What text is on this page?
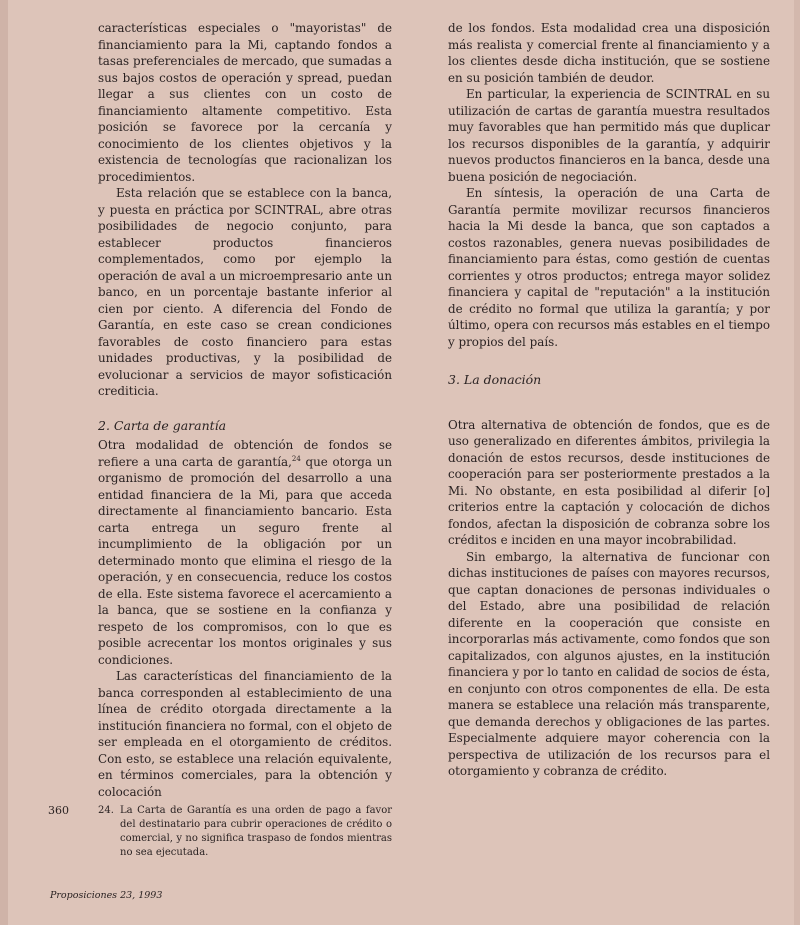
características especiales o "mayoristas" de financiamiento para la Mi, captando fondos a tasas preferenciales de mercado, que sumadas a sus bajos costos de operación y spread, puedan llegar a sus clientes con un costo de financiamiento altamente competitivo. Esta posición se favorece por la cercanía y conocimiento de los clientes objetivos y la existencia de tecnologías que racionalizan los procedimientos.

Esta relación que se establece con la banca, y puesta en práctica por SCINTRAL, abre otras posibilidades de negocio conjunto, para establecer productos financieros complementados, como por ejemplo la operación de aval a un microempresario ante un banco, en un porcentaje bastante inferior al cien por ciento. A diferencia del Fondo de Garantía, en este caso se crean condiciones favorables de costo financiero para estas unidades productivas, y la posibilidad de evolucionar a servicios de mayor sofisticación crediticia.

2. Carta de garantía

Otra modalidad de obtención de fondos se refiere a una carta de garantía,$^{24}$ que otorga un organismo de promoción del desarrollo a una entidad financiera de la Mi, para que acceda directamente al financiamiento bancario. Esta carta entrega un seguro frente al incumplimiento de la obligación por un determinado monto que elimina el riesgo de la operación, y en consecuencia, reduce los costos de ella. Este sistema favorece el acercamiento a la banca, que se sostiene en la confianza y respeto de los compromisos, con lo que es posible acrecentar los montos originales y sus condiciones.

Las características del financiamiento de la banca corresponden al establecimiento de una línea de crédito otorgada directamente a la institución financiera no formal, con el objeto de ser empleada en el otorgamiento de créditos. Con esto, se establece una relación equivalente, en términos comerciales, para la obtención y colocación

de los fondos. Esta modalidad crea una disposición más realista y comercial frente al financiamiento y a los clientes desde dicha institución, que se sostiene en su posición también de deudor.

En particular, la experiencia de SCINTRAL en su utilización de cartas de garantía muestra resultados muy favorables que han permitido más que duplicar los recursos disponibles de la garantía, y adquirir nuevos productos financieros en la banca, desde una buena posición de negociación.

En síntesis, la operación de una Carta de Garantía permite movilizar recursos financieros hacia la Mi desde la banca, que son captados a costos razonables, genera nuevas posibilidades de financiamiento para éstas, como gestión de cuentas corrientes y otros productos; entrega mayor solidez financiera y capital de "reputación" a la institución de crédito no formal que utiliza la garantía; y por último, opera con recursos más estables en el tiempo y propios del país.

3. La donación

Otra alternativa de obtención de fondos, que es de uso generalizado en diferentes ámbitos, privilegia la donación de estos recursos, desde instituciones de cooperación para ser posteriormente prestados a la Mi. No obstante, en esta posibilidad al diferir [o] criterios entre la captación y colocación de dichos fondos, afectan la disposición de cobranza sobre los créditos e inciden en una mayor incobrabilidad.

Sin embargo, la alternativa de funcionar con dichas instituciones de países con mayores recursos, que captan donaciones de personas individuales o del Estado, abre una posibilidad de relación diferente en la cooperación que consiste en incorporarlas más activamente, como fondos que son capitalizados, con algunos ajustes, en la institución financiera y por lo tanto en calidad de socios de ésta, en conjunto con otros componentes de ella. De esta manera se establece una relación más transparente, que demanda derechos y obligaciones de las partes. Especialmente adquiere mayor coherencia con la perspectiva de utilización de los recursos para el otorgamiento y cobranza de crédito.

360	24. La Carta de Garantía es una orden de pago a favor del destinatario para cubrir operaciones de crédito o comercial, y no significa traspaso de fondos mientras no sea ejecutada.
Proposiciones 23, 1993
